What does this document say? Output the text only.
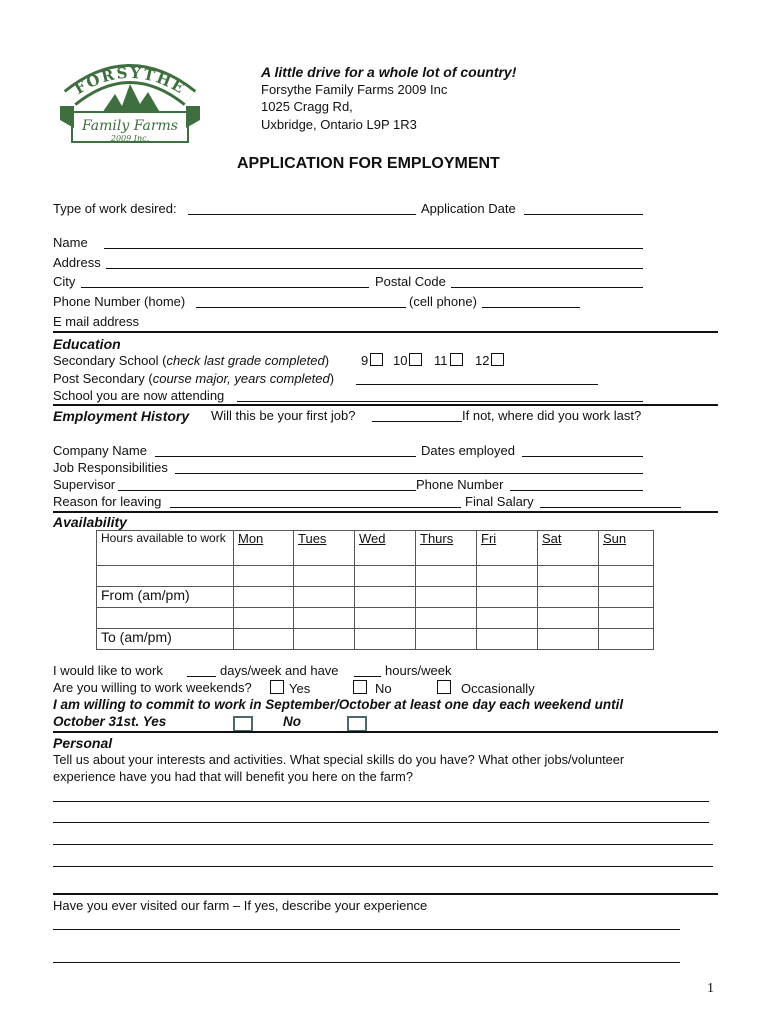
FORSYTHE
Family Farms
2009 Inc.
A little drive for a whole lot of country!
Forsythe Family Farms 2009 Inc
1025 Cragg Rd,
Uxbridge, Ontario L9P 1R3
APPLICATION FOR EMPLOYMENT
Type of work desired:	Application Date
Name
Address
City	Postal Code
Phone Number (home)	(cell phone)
E mail address
Education
Secondary School (check last grade completed) 9	10	11	12
Post Secondary (course major, years completed)
School you are now attending
Employment History Will this be your first job?	If not, where did you work last?
Company Name	Dates employed
Job Responsibilities
Supervisor	Phone Number
Reason for leaving	Final Salary
Availability
Hours available to work	Mon	Tues	Wed	Thurs	Fri	Sat	Sun

From (am/pm)							

To (am/pm)							
I would like to work	days/week and have	hours/week
Are you willing to work weekends?	Yes	No	Occasionally
I am willing to commit to work in September/October at least one day each weekend until
October 31st. Yes	No
Personal
Tell us about your interests and activities. What special skills do you have? What other jobs/volunteer
experience have you had that will benefit you here on the farm?
Have you ever visited our farm – If yes, describe your experience
1
